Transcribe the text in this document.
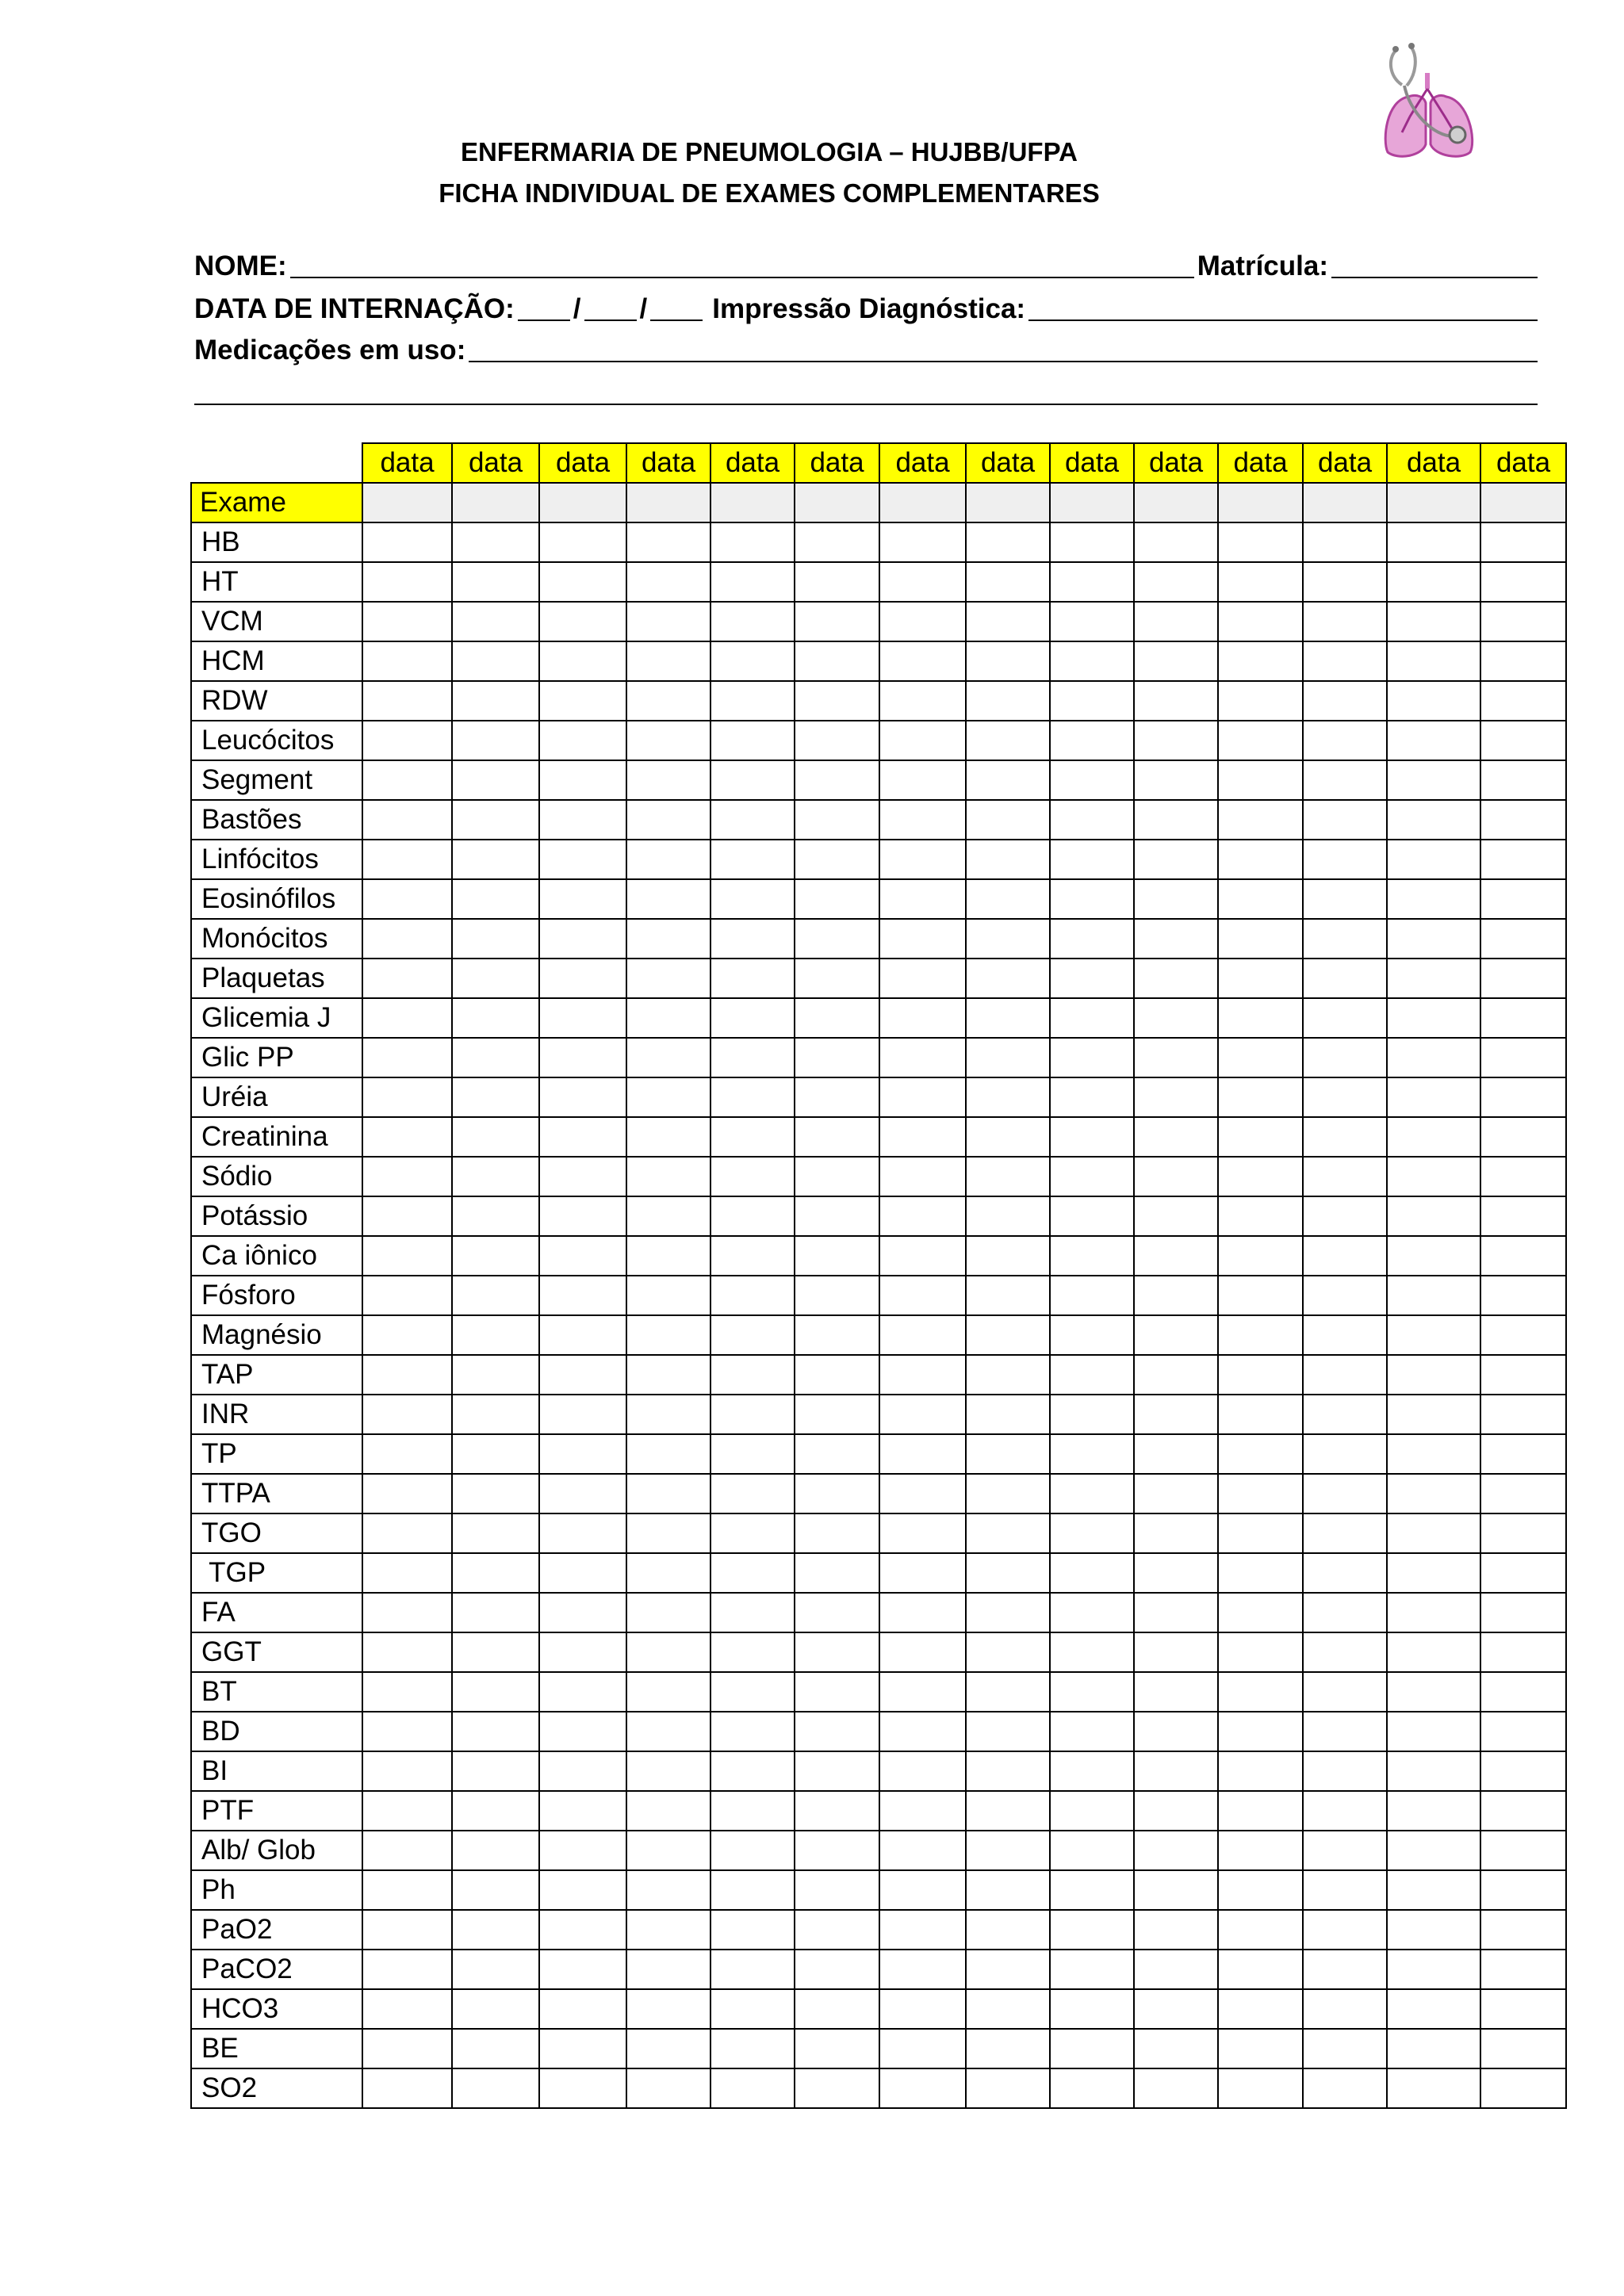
ENFERMARIA DE PNEUMOLOGIA – HUJBB/UFPA
FICHA INDIVIDUAL DE EXAMES COMPLEMENTARES
NOME:	Matrícula:
DATA DE INTERNAÇÃO: / / Impressão Diagnóstica:
Medicações em uso:
	data	data	data	data	data	data	data	data	data	data	data	data	data	data
Exame														
HB														
HT														
VCM														
HCM														
RDW														
Leucócitos														
Segment														
Bastões														
Linfócitos														
Eosinófilos														
Monócitos														
Plaquetas														
Glicemia J														
Glic PP														
Uréia														
Creatinina														
Sódio														
Potássio														
Ca iônico														
Fósforo														
Magnésio														
TAP														
INR														
TP														
TTPA														
TGO														
TGP														
FA														
GGT														
BT														
BD														
BI														
PTF														
Alb/ Glob														
Ph														
PaO2														
PaCO2														
HCO3														
BE														
SO2														
